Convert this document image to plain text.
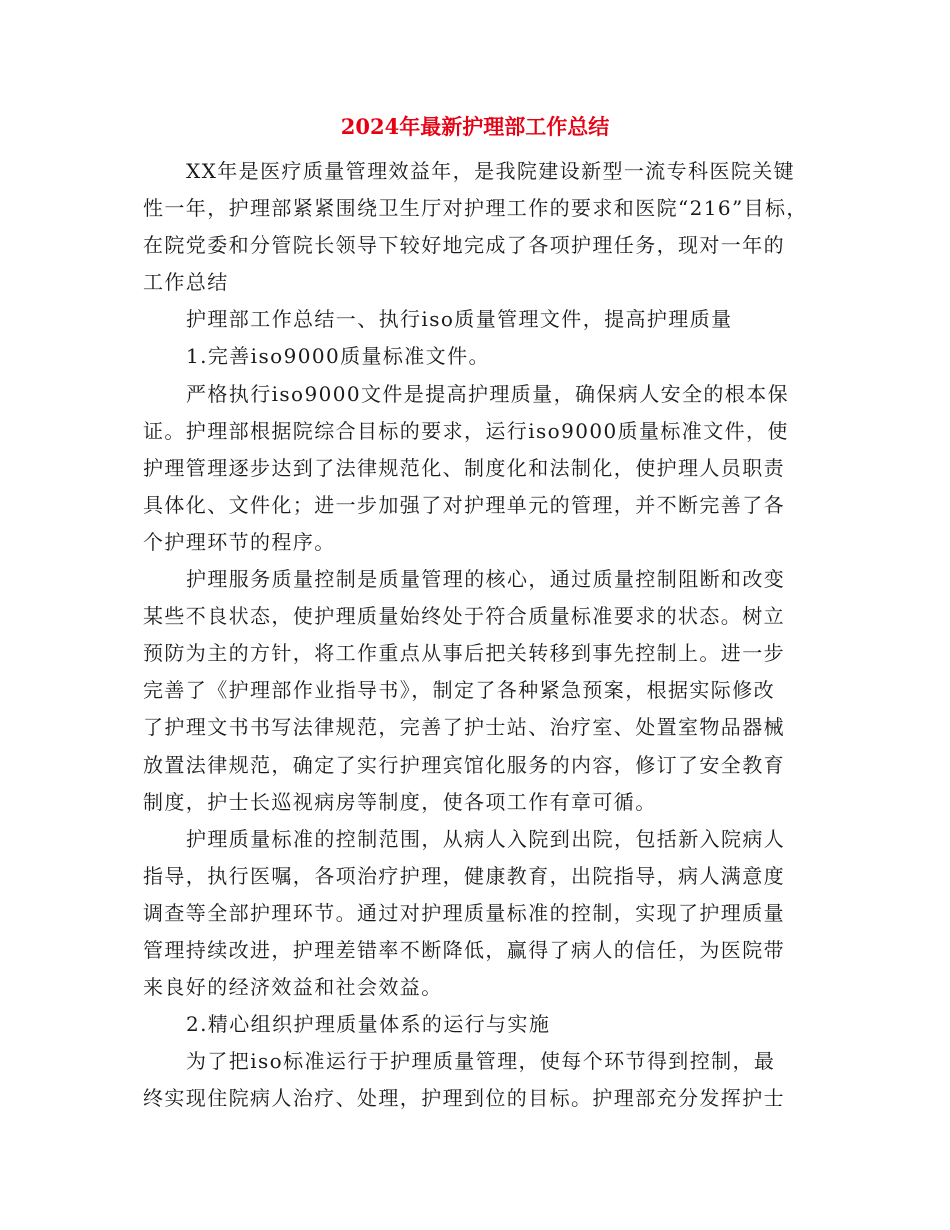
2024年最新护理部工作总结
XX年是医疗质量管理效益年，是我院建设新型一流专科医院关键
性一年，护理部紧紧围绕卫生厅对护理工作的要求和医院“216”目标，
在院党委和分管院长领导下较好地完成了各项护理任务，现对一年的
工作总结
护理部工作总结一、执行iso质量管理文件，提高护理质量
1.完善iso9000质量标准文件。
严格执行iso9000文件是提高护理质量，确保病人安全的根本保
证。护理部根据院综合目标的要求，运行iso9000质量标准文件，使
护理管理逐步达到了法律规范化、制度化和法制化，使护理人员职责
具体化、文件化；进一步加强了对护理单元的管理，并不断完善了各
个护理环节的程序。
护理服务质量控制是质量管理的核心，通过质量控制阻断和改变
某些不良状态，使护理质量始终处于符合质量标准要求的状态。树立
预防为主的方针，将工作重点从事后把关转移到事先控制上。进一步
完善了《护理部作业指导书》，制定了各种紧急预案，根据实际修改
了护理文书书写法律规范，完善了护士站、治疗室、处置室物品器械
放置法律规范，确定了实行护理宾馆化服务的内容，修订了安全教育
制度，护士长巡视病房等制度，使各项工作有章可循。
护理质量标准的控制范围，从病人入院到出院，包括新入院病人
指导，执行医嘱，各项治疗护理，健康教育，出院指导，病人满意度
调查等全部护理环节。通过对护理质量标准的控制，实现了护理质量
管理持续改进，护理差错率不断降低，赢得了病人的信任，为医院带
来良好的经济效益和社会效益。
2.精心组织护理质量体系的运行与实施
为了把iso标准运行于护理质量管理，使每个环节得到控制，最
终实现住院病人治疗、处理，护理到位的目标。护理部充分发挥护士
